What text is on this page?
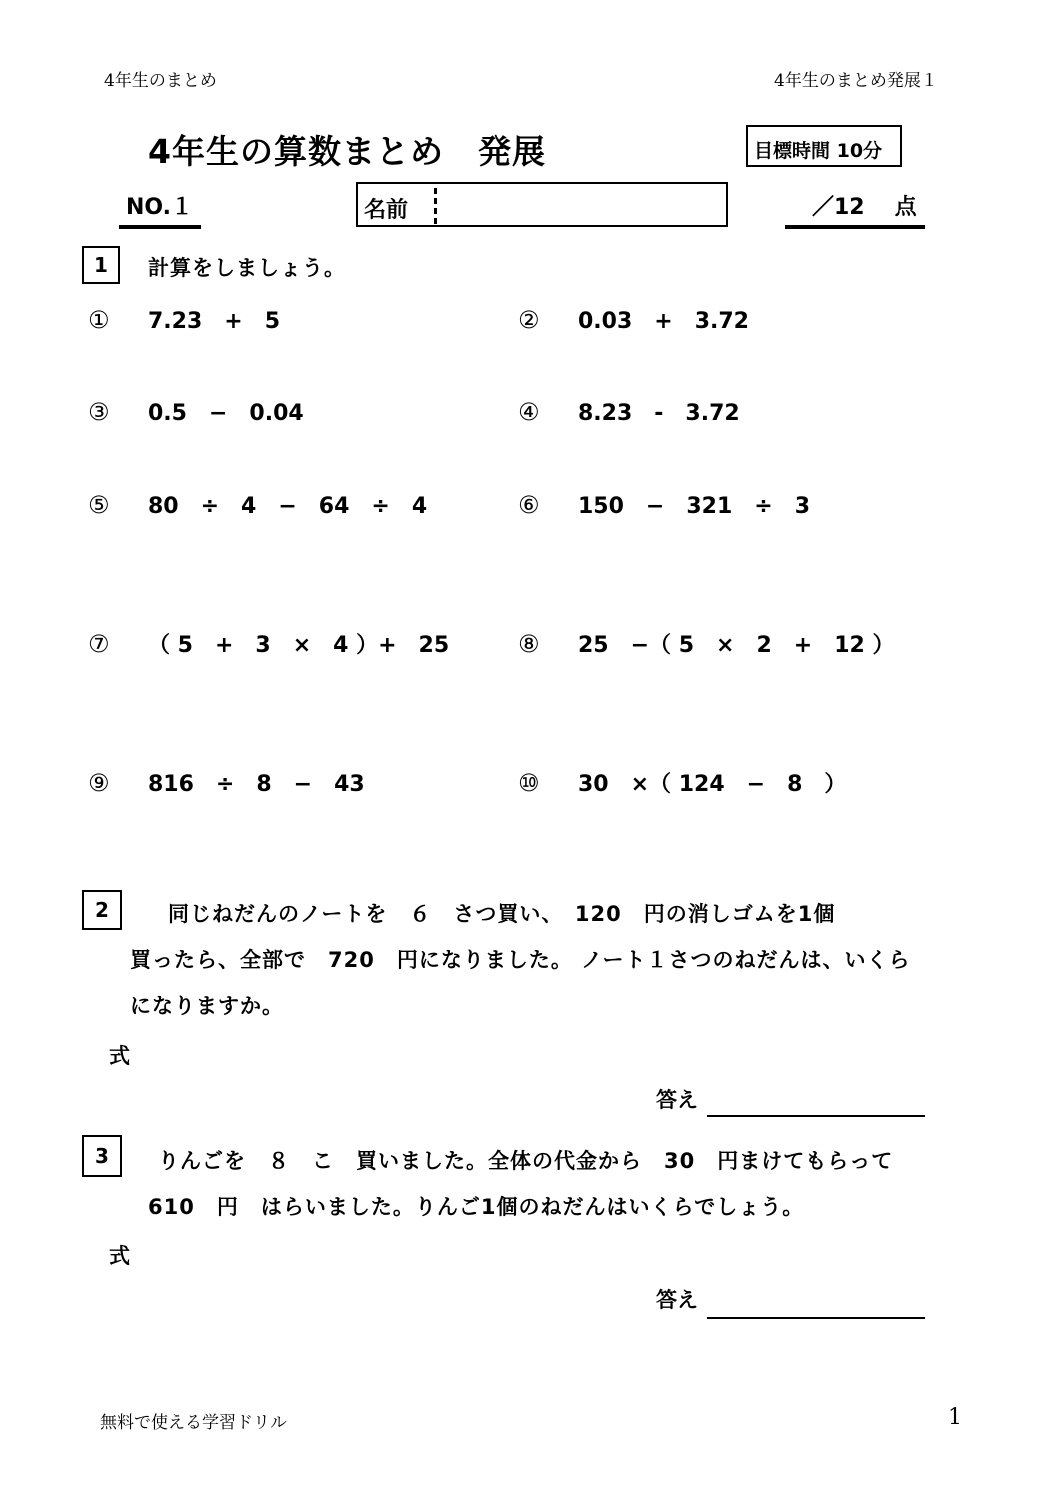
4年生のまとめ	4年生のまとめ発展１
4年生の算数まとめ 発展	目標時間 10分
NO.１	名前	／12 点
1 計算をしましょう。
① 7.23　+　5	② 0.03　+　3.72
③ 0.5　−　0.04	④ 8.23　-　3.72
⑤ 80　÷　4　−　64　÷　4	⑥ 150　−　321　÷　3
⑦ （ 5　+　3　×　4 ）+　25	⑧ 25　−（ 5　×　2　+　12 ）
⑨ 816　÷　8　−　43	⑩ 30　×（ 124　−　8　）
2	同じねだんのノートを　６　さつ買い、　120　円の消しゴムを1個
買ったら、全部で　720　円になりました。 ノート１さつのねだんは、いくら
になりますか。
式
答え
3 りんごを　８　こ　買いました。全体の代金から　30　円まけてもらって
610　円　はらいました。りんご1個のねだんはいくらでしょう。
式
答え
無料で使える学習ドリル	1
